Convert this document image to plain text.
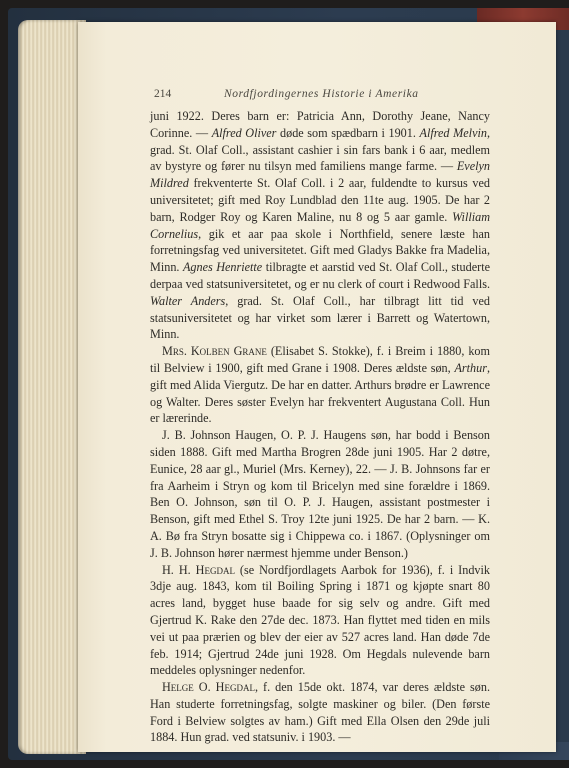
214	Nordfjordingernes Historie i Amerika

juni 1922. Deres barn er: Patricia Ann, Dorothy Jeane, Nancy Corinne. — Alfred Oliver døde som spædbarn i 1901. Alfred Melvin, grad. St. Olaf Coll., assistant cashier i sin fars bank i 6 aar, medlem av bystyre og fører nu tilsyn med familiens mange farme. — Evelyn Mildred frekventerte St. Olaf Coll. i 2 aar, fuldendte to kursus ved universitetet; gift med Roy Lundblad den 11te aug. 1905. De har 2 barn, Rodger Roy og Karen Maline, nu 8 og 5 aar gamle. William Cornelius, gik et aar paa skole i Northfield, senere læste han forretningsfag ved universitetet. Gift med Gladys Bakke fra Madelia, Minn. Agnes Henriette tilbragte et aarstid ved St. Olaf Coll., studerte derpaa ved statsuniversitetet, og er nu clerk of court i Redwood Falls. Walter Anders, grad. St. Olaf Coll., har tilbragt litt tid ved statsuniversitetet og har virket som lærer i Barrett og Watertown, Minn.

Mrs. Kolben Grane (Elisabet S. Stokke), f. i Breim i 1880, kom til Belview i 1900, gift med Grane i 1908. Deres ældste søn, Arthur, gift med Alida Viergutz. De har en datter. Arthurs brødre er Lawrence og Walter. Deres søster Evelyn har frekventert Augustana Coll. Hun er lærerinde.

J. B. Johnson Haugen, O. P. J. Haugens søn, har bodd i Benson siden 1888. Gift med Martha Brogren 28de juni 1905. Har 2 døtre, Eunice, 28 aar gl., Muriel (Mrs. Kerney), 22. — J. B. Johnsons far er fra Aarheim i Stryn og kom til Bricelyn med sine forældre i 1869. Ben O. Johnson, søn til O. P. J. Haugen, assistant postmester i Benson, gift med Ethel S. Troy 12te juni 1925. De har 2 barn. — K. A. Bø fra Stryn bosatte sig i Chippewa co. i 1867. (Oplysninger om J. B. Johnson hører nærmest hjemme under Benson.)

H. H. Hegdal (se Nordfjordlagets Aarbok for 1936), f. i Indvik 3dje aug. 1843, kom til Boiling Spring i 1871 og kjøpte snart 80 acres land, bygget huse baade for sig selv og andre. Gift med Gjertrud K. Rake den 27de dec. 1873. Han flyttet med tiden en mils vei ut paa prærien og blev der eier av 527 acres land. Han døde 7de feb. 1914; Gjertrud 24de juni 1928. Om Hegdals nulevende barn meddeles oplysninger nedenfor.

Helge O. Hegdal, f. den 15de okt. 1874, var deres ældste søn. Han studerte forretningsfag, solgte maskiner og biler. (Den første Ford i Belview solgtes av ham.) Gift med Ella Olsen den 29de juli 1884. Hun grad. ved statsuniv. i 1903. —
